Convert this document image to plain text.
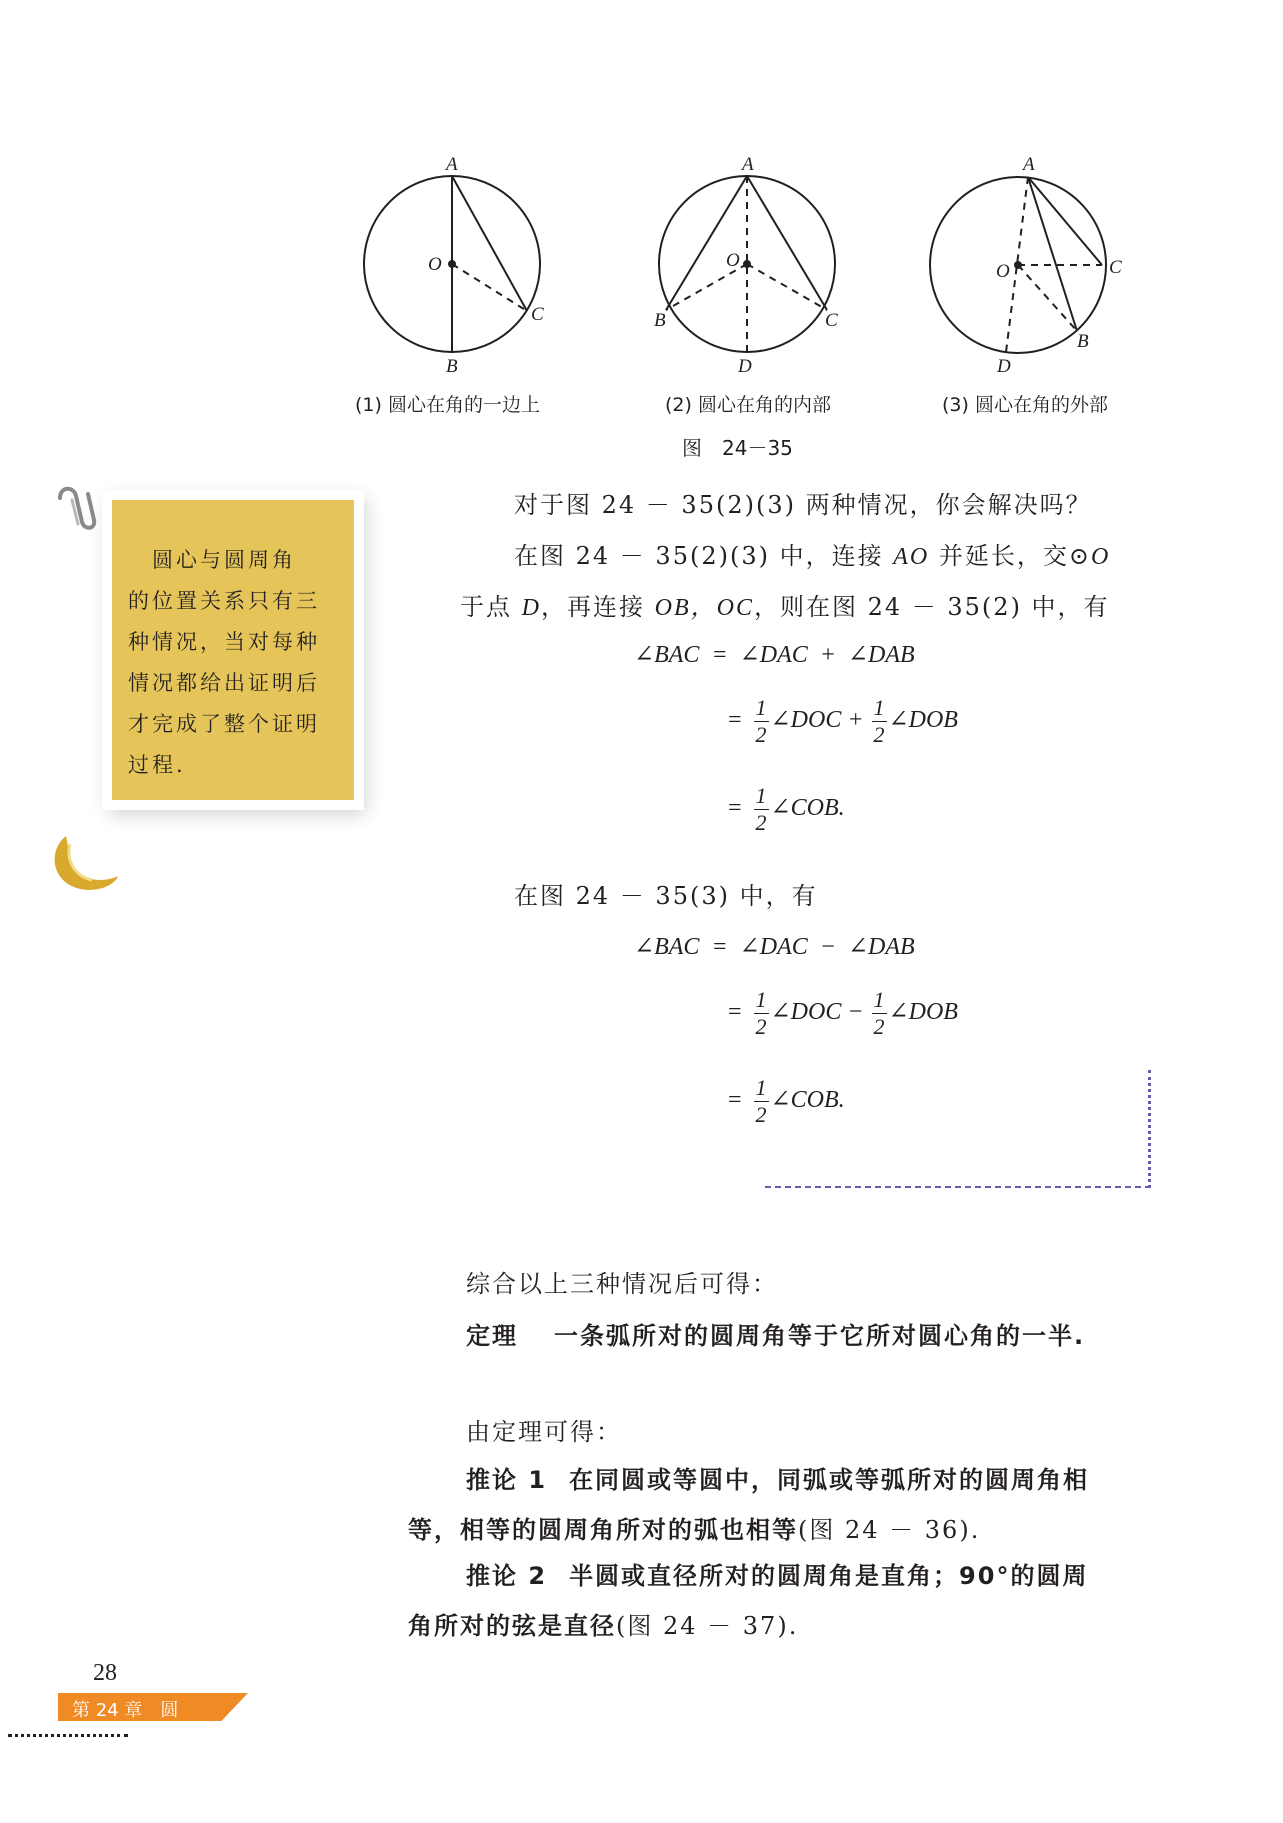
A
O
B
C
A
O
B	C
D
A
O	C
B
D
(1) 圆心在角的一边上	(2) 圆心在角的内部	(3) 圆心在角的外部
图　24－35
　圆心与圆周角
的位置关系只有三
种情况，当对每种
情况都给出证明后
才完成了整个证明
过程.
对于图 24 － 35(2)(3) 两种情况，你会解决吗？
在图 24 － 35(2)(3) 中，连接 AO 并延长，交⊙O
于点 D，再连接 OB，OC，则在图 24 － 35(2) 中，有
∠BAC = ∠DAC + ∠DAB
= $\frac{1}{2}$ ∠DOC + $\frac{1}{2}$ ∠DOB
= $\frac{1}{2}$ ∠COB.
在图 24 － 35(3) 中，有
∠BAC = ∠DAC − ∠DAB
= $\frac{1}{2}$ ∠DOC − $\frac{1}{2}$ ∠DOB
= $\frac{1}{2}$ ∠COB.
综合以上三种情况后可得：
定理 一条弧所对的圆周角等于它所对圆心角的一半.
由定理可得：
推论 1 在同圆或等圆中，同弧或等弧所对的圆周角相
等，相等的圆周角所对的弧也相等(图 24 － 36).
推论 2 半圆或直径所对的圆周角是直角；90°的圆周
角所对的弦是直径(图 24 － 37).
28
第 24 章　圆
